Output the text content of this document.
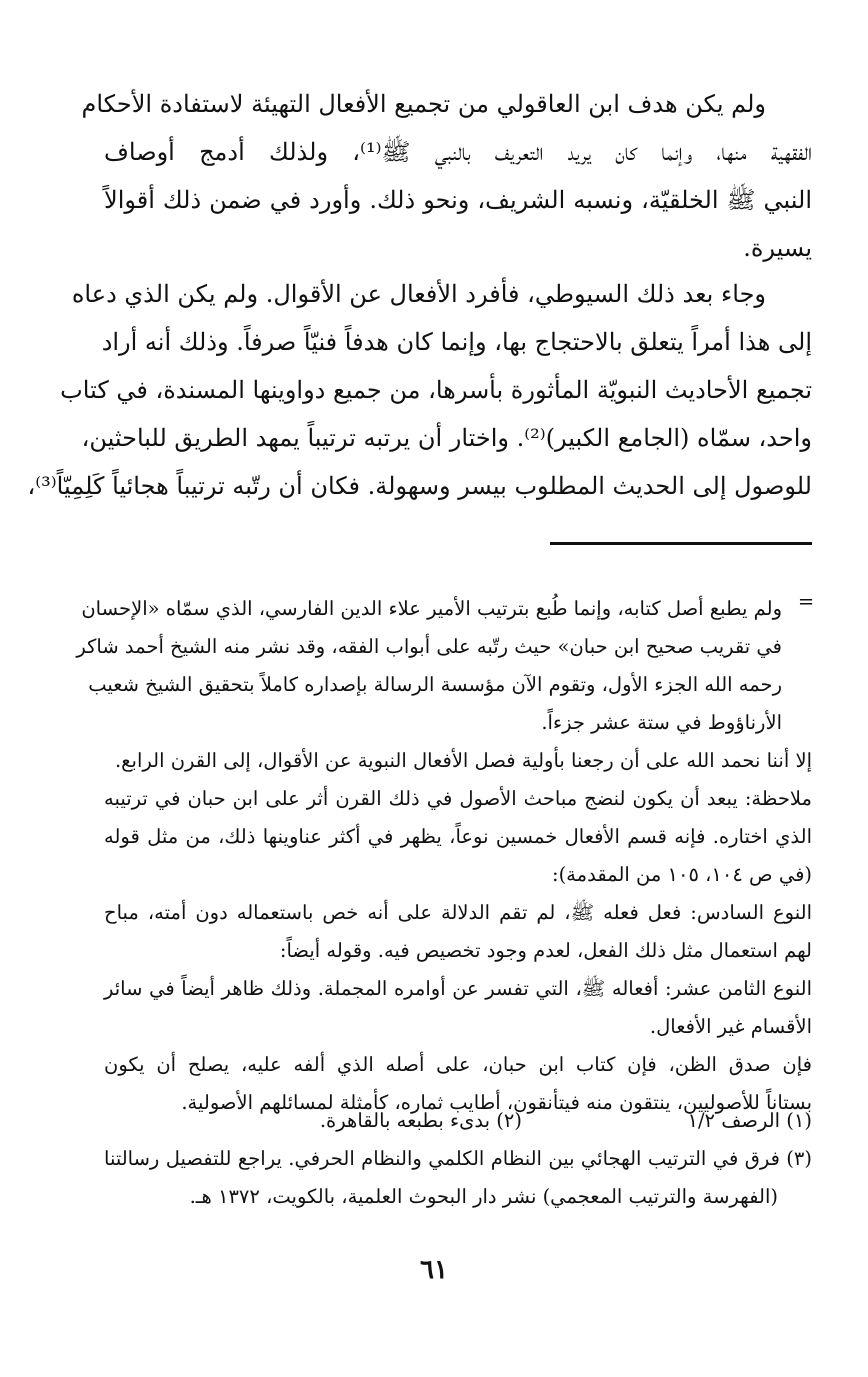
ولم يكن هدف ابن العاقولي من تجميع الأفعال التهيئة لاستفادة الأحكام
الفقهية منها، وإنما كان يريد التعريف بالنبي ﷺ⁽¹⁾، ولذلك أدمج أوصاف
النبي ﷺ الخلقيّة، ونسبه الشريف، ونحو ذلك. وأورد في ضمن ذلك أقوالاً
يسيرة.
وجاء بعد ذلك السيوطي، فأفرد الأفعال عن الأقوال. ولم يكن الذي دعاه
إلى هذا أمراً يتعلق بالاحتجاج بها، وإنما كان هدفاً فنيّاً صرفاً. وذلك أنه أراد
تجميع الأحاديث النبويّة المأثورة بأسرها، من جميع دواوينها المسندة، في كتاب
واحد، سمّاه (الجامع الكبير)⁽²⁾. واختار أن يرتبه ترتيباً يمهد الطريق للباحثين،
للوصول إلى الحديث المطلوب بيسر وسهولة. فكان أن رتّبه ترتيباً هجائياً كَلِمِيّاً⁽³⁾،
=
ولم يطبع أصل كتابه، وإنما طُبع بترتيب الأمير علاء الدين الفارسي، الذي سمّاه «الإحسان
في تقريب صحيح ابن حبان» حيث رتّبه على أبواب الفقه، وقد نشر منه الشيخ أحمد شاكر
رحمه الله الجزء الأول، وتقوم الآن مؤسسة الرسالة بإصداره كاملاً بتحقيق الشيخ شعيب
الأرناؤوط في ستة عشر جزءاً.
إلا أننا نحمد الله على أن رجعنا بأولية فصل الأفعال النبوية عن الأقوال، إلى القرن الرابع.
ملاحظة: يبعد أن يكون لنضج مباحث الأصول في ذلك القرن أثر على ابن حبان في ترتيبه
الذي اختاره. فإنه قسم الأفعال خمسين نوعاً، يظهر في أكثر عناوينها ذلك، من مثل قوله
(في ص ١٠٤، ١٠٥ من المقدمة):
النوع السادس: فعل فعله ﷺ، لم تقم الدلالة على أنه خص باستعماله دون أمته، مباح
لهم استعمال مثل ذلك الفعل، لعدم وجود تخصيص فيه. وقوله أيضاً:
النوع الثامن عشر: أفعاله ﷺ، التي تفسر عن أوامره المجملة. وذلك ظاهر أيضاً في سائر
الأقسام غير الأفعال.
فإن صدق الظن، فإن كتاب ابن حبان، على أصله الذي ألفه عليه، يصلح أن يكون
بستاناً للأصوليين، ينتقون منه فيتأنقون، أطايب ثماره، كأمثلة لمسائلهم الأصولية.
(١) الرصف ١/٢
(٢) بدىء بطبعه بالقاهرة.
(٣) فرق في الترتيب الهجائي بين النظام الكلمي والنظام الحرفي. يراجع للتفصيل رسالتنا
(الفهرسة والترتيب المعجمي) نشر دار البحوث العلمية، بالكويت، ١٣٧٢ هـ.
٦١
